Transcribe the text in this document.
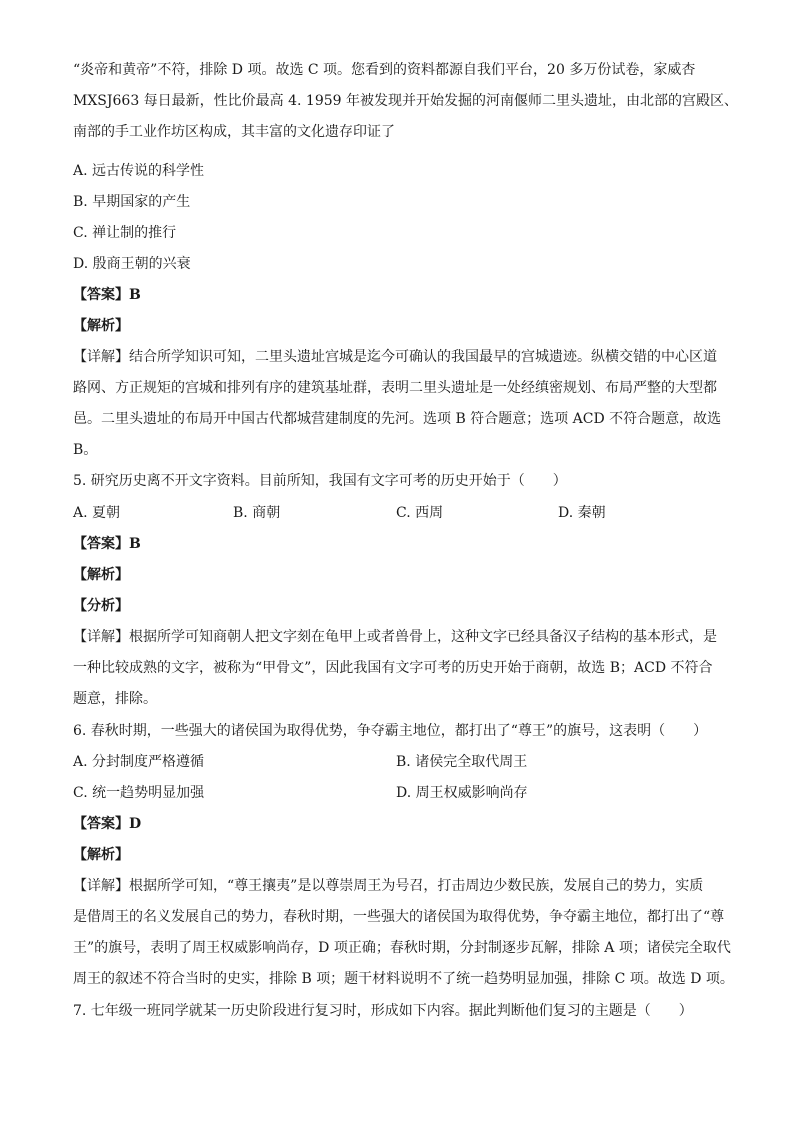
“炎帝和黄帝”不符，排除 D 项。故选 C 项。您看到的资料都源自我们平台，20 多万份试卷，家威杏
MXSJ663 每日最新，性比价最高 4. 1959 年被发现并开始发掘的河南偃师二里头遗址，由北部的宫殿区、
南部的手工业作坊区构成，其丰富的文化遗存印证了
A. 远古传说的科学性
B. 早期国家的产生
C. 禅让制的推行
D. 殷商王朝的兴衰
【答案】B
【解析】
【详解】结合所学知识可知，二里头遗址宫城是迄今可确认的我国最早的宫城遗迹。纵横交错的中心区道
路网、方正规矩的宫城和排列有序的建筑基址群，表明二里头遗址是一处经缜密规划、布局严整的大型都
邑。二里头遗址的布局开中国古代都城营建制度的先河。选项 B 符合题意；选项 ACD 不符合题意，故选
B。
5. 研究历史离不开文字资料。目前所知，我国有文字可考的历史开始于（　　）
A. 夏朝	B. 商朝	C. 西周	D. 秦朝
【答案】B
【解析】
【分析】
【详解】根据所学可知商朝人把文字刻在龟甲上或者兽骨上，这种文字已经具备汉子结构的基本形式，是
一种比较成熟的文字，被称为“甲骨文”，因此我国有文字可考的历史开始于商朝，故选 B；ACD 不符合
题意，排除。
6. 春秋时期，一些强大的诸侯国为取得优势，争夺霸主地位，都打出了“尊王”的旗号，这表明（　　）
A. 分封制度严格遵循	B. 诸侯完全取代周王
C. 统一趋势明显加强	D. 周王权威影响尚存
【答案】D
【解析】
【详解】根据所学可知，“尊王攘夷”是以尊崇周王为号召，打击周边少数民族，发展自己的势力，实质
是借周王的名义发展自己的势力，春秋时期，一些强大的诸侯国为取得优势，争夺霸主地位，都打出了“尊
王”的旗号，表明了周王权威影响尚存，D 项正确；春秋时期，分封制逐步瓦解，排除 A 项；诸侯完全取代
周王的叙述不符合当时的史实，排除 B 项；题干材料说明不了统一趋势明显加强，排除 C 项。故选 D 项。
7. 七年级一班同学就某一历史阶段进行复习时，形成如下内容。据此判断他们复习的主题是（　　）
